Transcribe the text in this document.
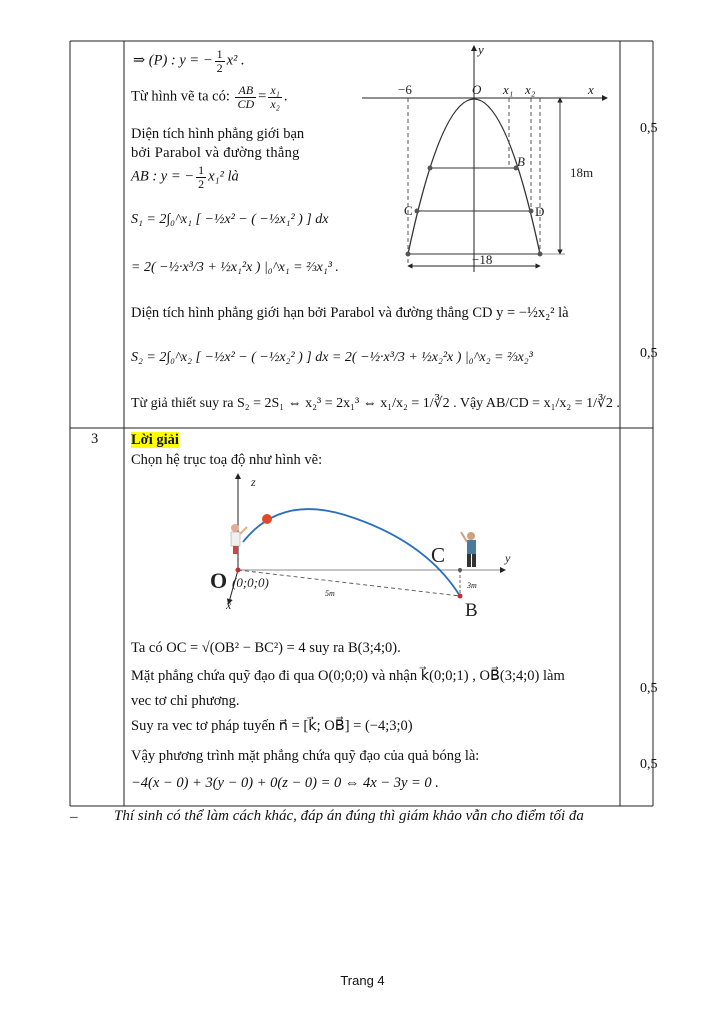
⇒ (P) : y = − $\frac{1}{2} x^2$ .
Từ hình vẽ ta có: $\frac{AB}{CD} = \frac{\text{x₁}}{\text{x₂}}$ .
Diện tích hình phẳng giới bạn
bởi Parabol và đường thẳng
AB : y = − $\frac{1}{2} x_1^2$ là
S₁ = 2∫₀^x₁ [ −½x² − ( −½x₁² ) ] dx
= 2( −½·x³/3 + ½x₁²x ) |₀^x₁ = ⅔x₁³ .
Diện tích hình phẳng giới hạn bởi Parabol và đường thẳng CD y = −½x₂² là
S₂ = 2∫₀^x₂ [ −½x² − ( −½x₂² ) ] dx = 2( −½·x³/3 + ½x₂²x ) |₀^x₂ = ⅔x₂³
Từ giả thiết suy ra S₂ = 2S₁ ⇔ x₂³ = 2x₁³ ⇔ x₁/x₂ = 1/∛2 . Vậy AB/CD = x₁/x₂ = 1/∛2 .
0,5
0,5
y
x
O x₁ x₂
−6
B
C	D
18m
−18
3 Lời giải
Chọn hệ trục toạ độ như hình vẽ:
z
y
x
O (0;0;0)
C
B
5m
3m
Ta có OC = √(OB² − BC²) = 4 suy ra B(3;4;0).
Mặt phẳng chứa quỹ đạo đi qua O(0;0;0) và nhận k⃗(0;0;1) , OB⃗(3;4;0) làm
vec tơ chỉ phương.
Suy ra vec tơ pháp tuyến n⃗ = [k⃗; OB⃗] = (−4;3;0)
Vậy phương trình mặt phẳng chứa quỹ đạo của quả bóng là:
−4(x − 0) + 3(y − 0) + 0(z − 0) = 0 ⇔ 4x − 3y = 0 .
0,5
0,5
– Thí sinh có thể làm cách khác, đáp án đúng thì giám khảo vẫn cho điểm tối đa
Trang 4
